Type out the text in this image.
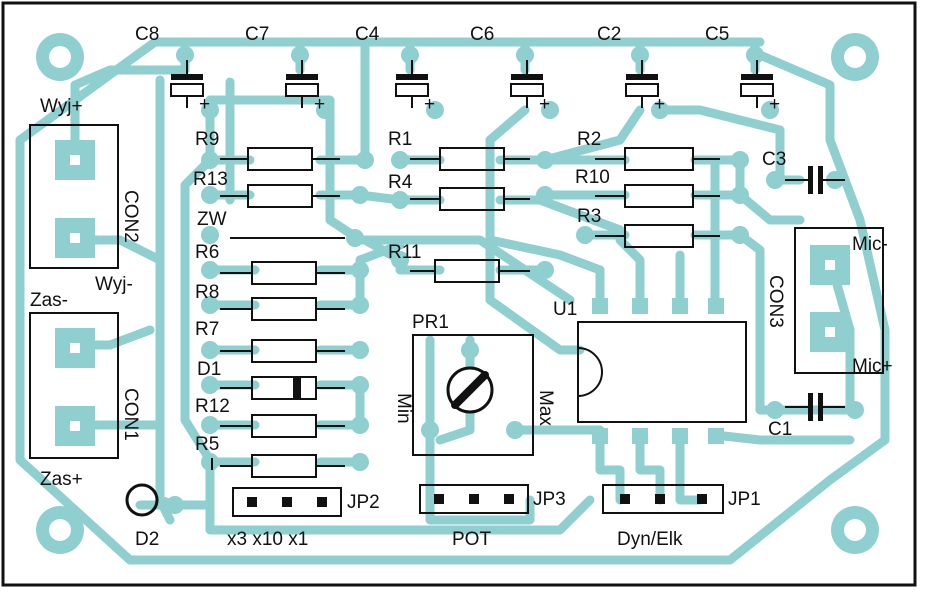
C8	C7	C4	C6	C2	C5
+	+	+	+	+	+
R9
R13
ZW
R6
R8
R7
D1
R12
R5
R1
R4
R11
R2
R10
R3
C3
C1
U1
PR1
Min	Max
CON2
CON1
CON3
Wyj+
Wyj-
Zas-
Zas+
Mic-
Mic+
D2
JP2
x3 x10 x1
JP3
POT
JP1
Dyn/Elk
